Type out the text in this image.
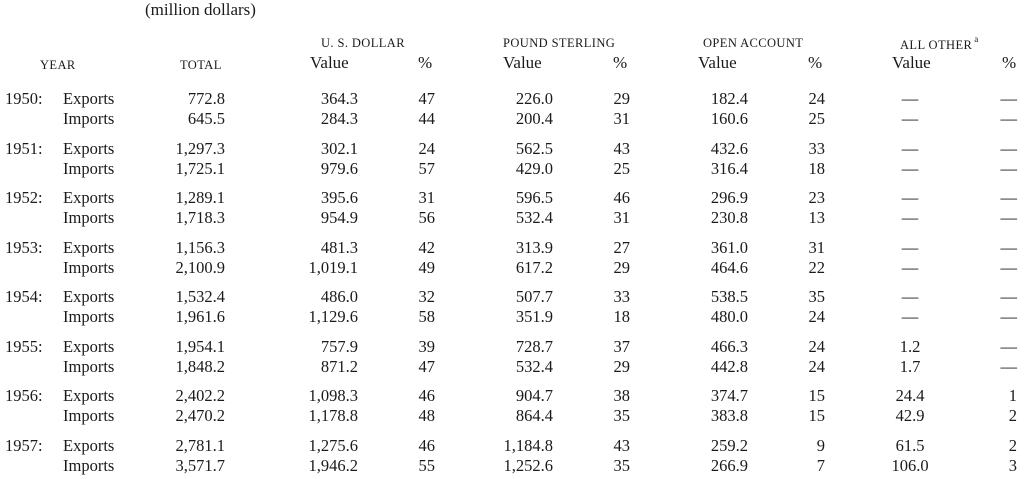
(million dollars)
U. S. DOLLAR	POUND STERLING	OPEN ACCOUNT	ALL OTHER $^a$
YEAR	TOTAL	Value	%	Value	%	Value	%	Value	%
1950:	Exports	772.8	364.3	47	226.0	29	182.4	24	—	—
Imports	645.5	284.3	44	200.4	31	160.6	25	—	—
1951:	Exports	1,297.3	302.1	24	562.5	43	432.6	33	—	—
Imports	1,725.1	979.6	57	429.0	25	316.4	18	—	—
1952:	Exports	1,289.1	395.6	31	596.5	46	296.9	23	—	—
Imports	1,718.3	954.9	56	532.4	31	230.8	13	—	—
1953:	Exports	1,156.3	481.3	42	313.9	27	361.0	31	—	—
Imports	2,100.9	1,019.1	49	617.2	29	464.6	22	—	—
1954:	Exports	1,532.4	486.0	32	507.7	33	538.5	35	—	—
Imports	1,961.6	1,129.6	58	351.9	18	480.0	24	—	—
1955:	Exports	1,954.1	757.9	39	728.7	37	466.3	24	1.2	—
Imports	1,848.2	871.2	47	532.4	29	442.8	24	1.7	—
1956:	Exports	2,402.2	1,098.3	46	904.7	38	374.7	15	24.4	1
Imports	2,470.2	1,178.8	48	864.4	35	383.8	15	42.9	2
1957:	Exports	2,781.1	1,275.6	46	1,184.8	43	259.2	9	61.5	2
Imports	3,571.7	1,946.2	55	1,252.6	35	266.9	7	106.0	3
